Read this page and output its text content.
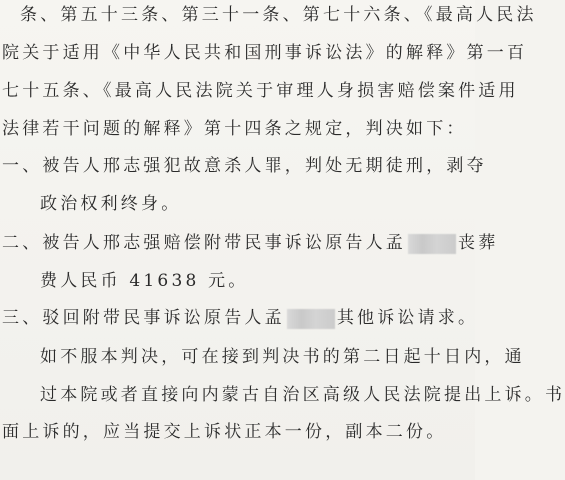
条、第五十三条、第三十一条、第七十六条、《最高人民法
院关于适用《中华人民共和国刑事诉讼法》的解释》第一百
七十五条、《最高人民法院关于审理人身损害赔偿案件适用
法律若干问题的解释》第十四条之规定，判决如下：
一、被告人邢志强犯故意杀人罪，判处无期徒刑，剥夺
政治权利终身。
二、被告人邢志强赔偿附带民事诉讼原告人孟	丧葬
费人民币 41638 元。
三、驳回附带民事诉讼原告人孟	其他诉讼请求。
如不服本判决，可在接到判决书的第二日起十日内，通
过本院或者直接向内蒙古自治区高级人民法院提出上诉。书
面上诉的，应当提交上诉状正本一份，副本二份。
